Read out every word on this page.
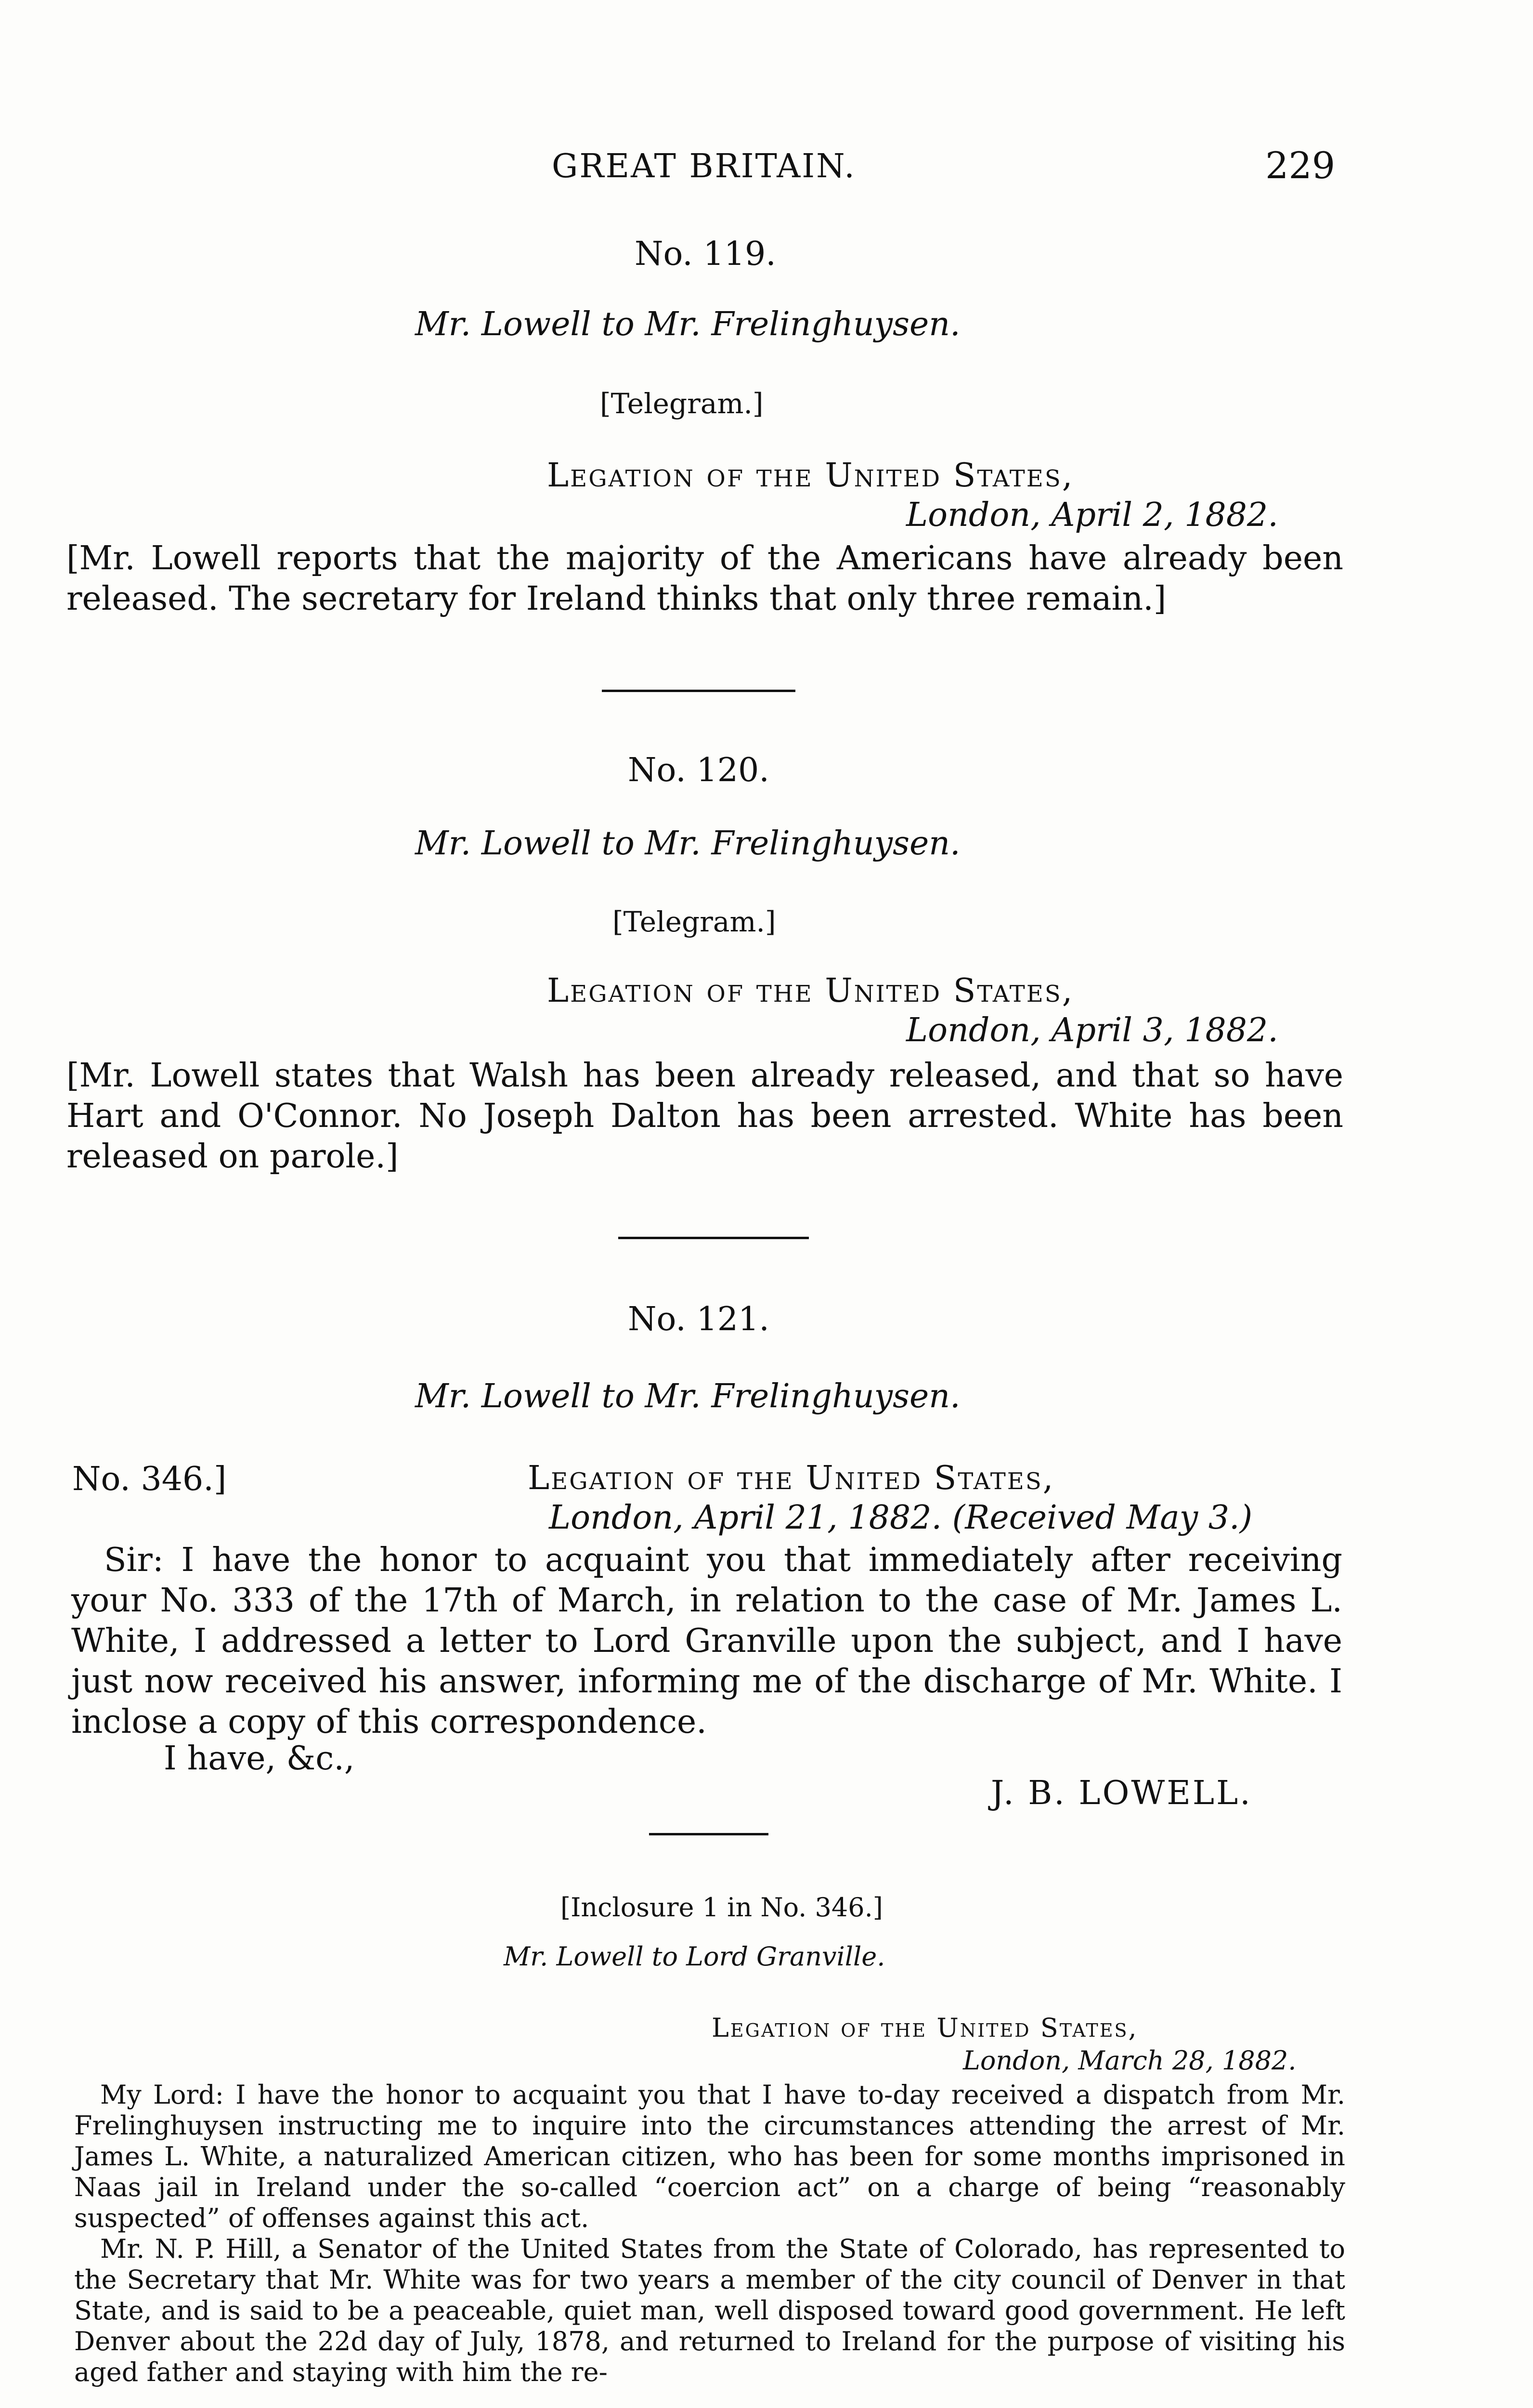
GREAT BRITAIN.	229
No. 119.
Mr. Lowell to Mr. Frelinghuysen.
[Telegram.]
Legation of the United States,
London, April 2, 1882.

[Mr. Lowell reports that the majority of the Americans have already been released. The secretary for Ireland thinks that only three remain.]

No. 120.
Mr. Lowell to Mr. Frelinghuysen.
[Telegram.]
Legation of the United States,
London, April 3, 1882.

[Mr. Lowell states that Walsh has been already released, and that so have Hart and O'Connor. No Joseph Dalton has been arrested. White has been released on parole.]

No. 121.
Mr. Lowell to Mr. Frelinghuysen.
No. 346.]	Legation of the United States,
London, April 21, 1882. (Received May 3.)

Sir: I have the honor to acquaint you that immediately after receiving your No. 333 of the 17th of March, in relation to the case of Mr. James L. White, I addressed a letter to Lord Granville upon the subject, and I have just now received his answer, informing me of the discharge of Mr. White. I inclose a copy of this correspondence.

I have, &c.,
J. B. LOWELL.
[Inclosure 1 in No. 346.]
Mr. Lowell to Lord Granville.
Legation of the United States,
London, March 28, 1882.

My Lord: I have the honor to acquaint you that I have to-day received a dispatch from Mr. Frelinghuysen instructing me to inquire into the circumstances attending the arrest of Mr. James L. White, a naturalized American citizen, who has been for some months imprisoned in Naas jail in Ireland under the so-called “coercion act” on a charge of being “reasonably suspected” of offenses against this act.

Mr. N. P. Hill, a Senator of the United States from the State of Colorado, has represented to the Secretary that Mr. White was for two years a member of the city council of Denver in that State, and is said to be a peaceable, quiet man, well disposed toward good government. He left Denver about the 22d day of July, 1878, and returned to Ireland for the purpose of visiting his aged father and staying with him the re-
